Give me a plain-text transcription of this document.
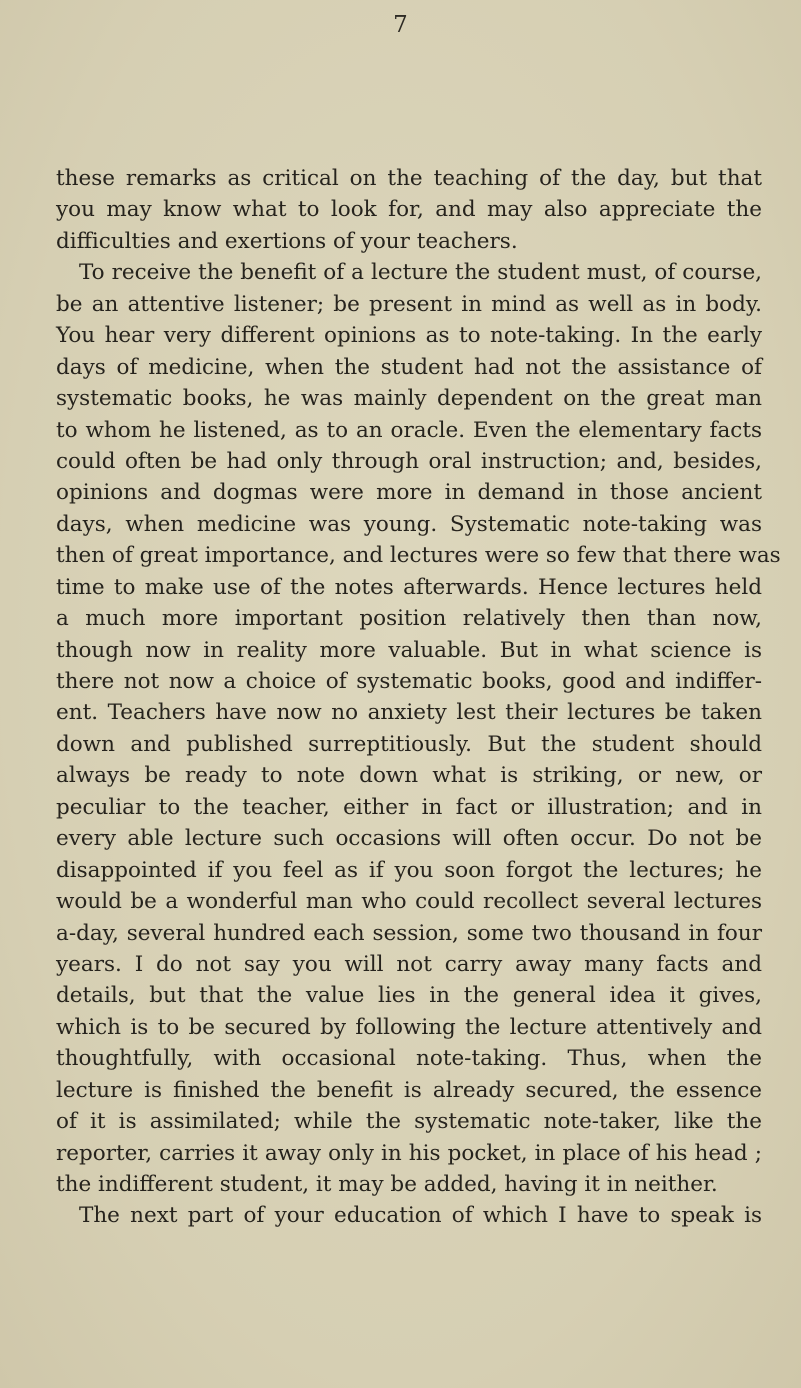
7
these remarks as critical on the teaching of the day, but that
you may know what to look for, and may also appreciate the
difficulties and exertions of your teachers.
To receive the benefit of a lecture the student must, of course,
be an attentive listener; be present in mind as well as in body.
You hear very different opinions as to note-taking. In the early
days of medicine, when the student had not the assistance of
systematic books, he was mainly dependent on the great man
to whom he listened, as to an oracle. Even the elementary facts
could often be had only through oral instruction; and, besides,
opinions and dogmas were more in demand in those ancient
days, when medicine was young. Systematic note-taking was
then of great importance, and lectures were so few that there was
time to make use of the notes afterwards. Hence lectures held
a much more important position relatively then than now,
though now in reality more valuable. But in what science is
there not now a choice of systematic books, good and indiffer-
ent. Teachers have now no anxiety lest their lectures be taken
down and published surreptitiously. But the student should
always be ready to note down what is striking, or new, or
peculiar to the teacher, either in fact or illustration; and in
every able lecture such occasions will often occur. Do not be
disappointed if you feel as if you soon forgot the lectures; he
would be a wonderful man who could recollect several lectures
a-day, several hundred each session, some two thousand in four
years. I do not say you will not carry away many facts and
details, but that the value lies in the general idea it gives,
which is to be secured by following the lecture attentively and
thoughtfully, with occasional note-taking. Thus, when the
lecture is finished the benefit is already secured, the essence
of it is assimilated; while the systematic note-taker, like the
reporter, carries it away only in his pocket, in place of his head ;
the indifferent student, it may be added, having it in neither.
The next part of your education of which I have to speak is
